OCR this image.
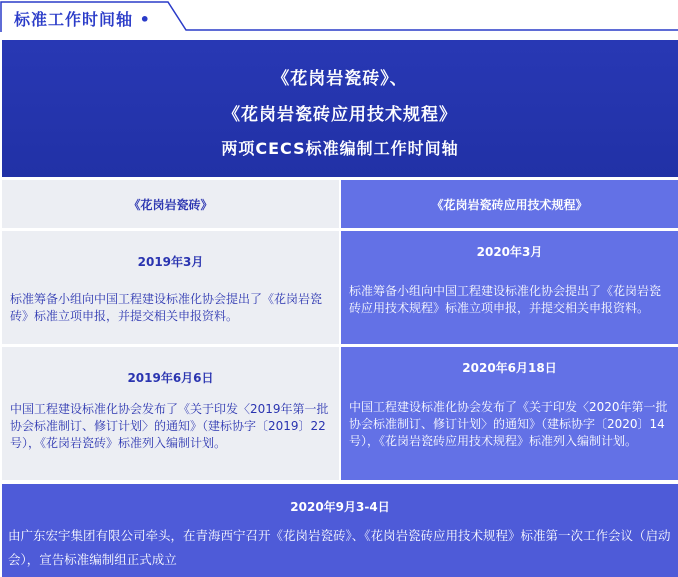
标准工作时间轴 •
《花岗岩瓷砖》、
《花岗岩瓷砖应用技术规程》
两项CECS标准编制工作时间轴
《花岗岩瓷砖》	《花岗岩瓷砖应用技术规程》
2019年3月
标准筹备小组向中国工程建设标准化协会提出了《花岗岩瓷砖》标准立项申报，并提交相关申报资料。
2020年3月
标准筹备小组向中国工程建设标准化协会提出了《花岗岩瓷砖应用技术规程》标准立项申报，并提交相关申报资料。
2019年6月6日
中国工程建设标准化协会发布了《关于印发〈2019年第一批协会标准制订、修订计划〉的通知》（建标协字〔2019〕22号），《花岗岩瓷砖》标准列入编制计划。
2020年6月18日
中国工程建设标准化协会发布了《关于印发〈2020年第一批协会标准制订、修订计划〉的通知》（建标协字〔2020〕14号），《花岗岩瓷砖应用技术规程》标准列入编制计划。
2020年9月3-4日
由广东宏宇集团有限公司牵头，在青海西宁召开《花岗岩瓷砖》、《花岗岩瓷砖应用技术规程》标准第一次工作会议（启动会），宣告标准编制组正式成立
